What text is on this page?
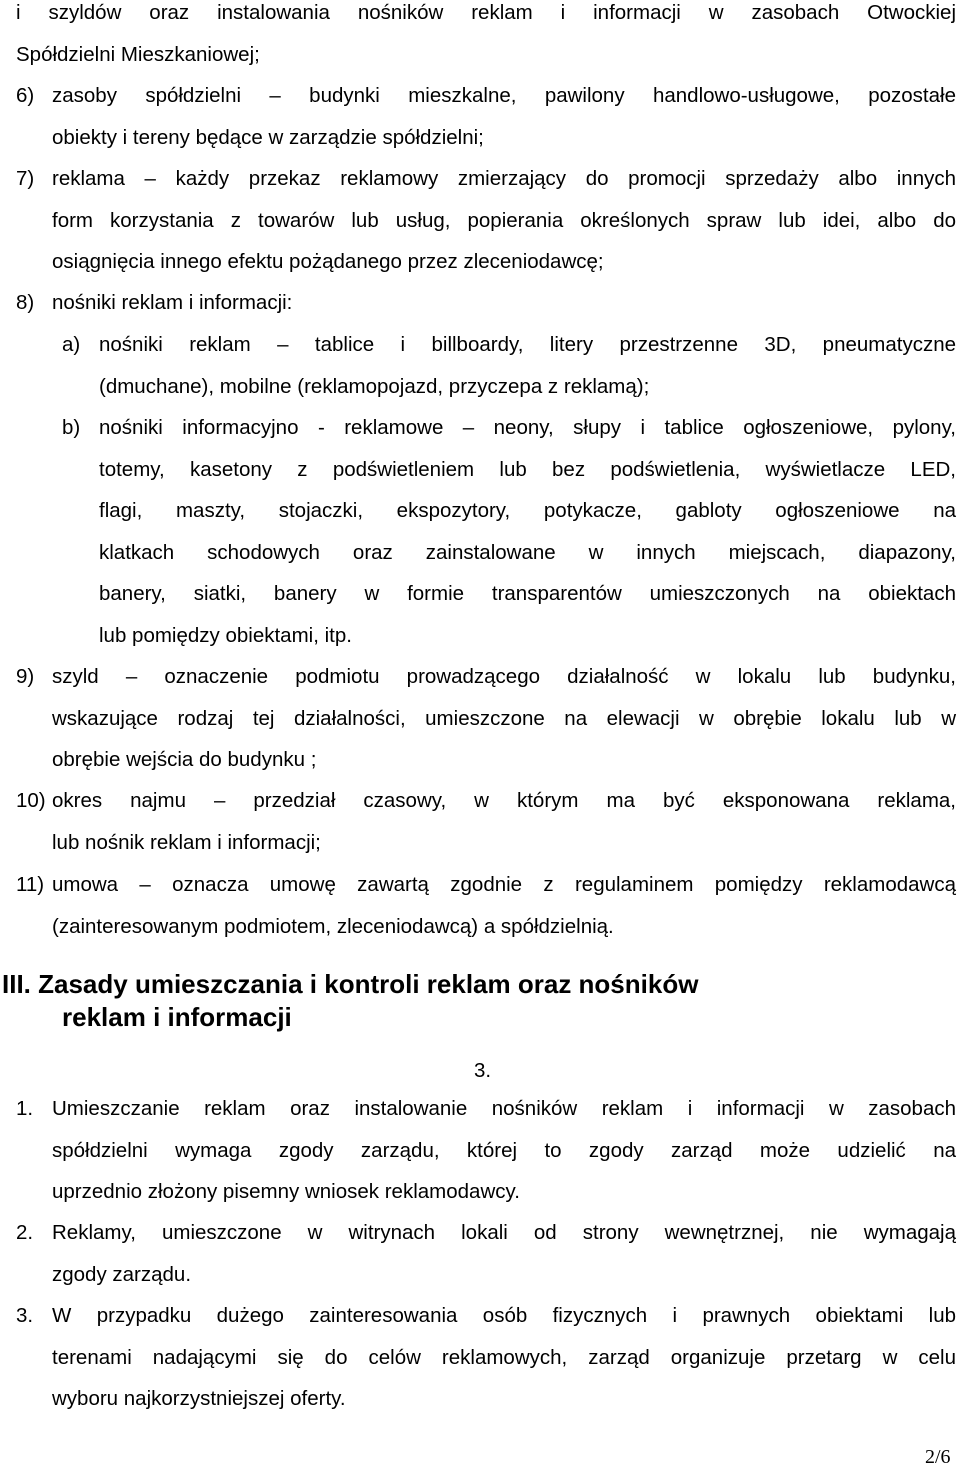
i szyldów oraz instalowania nośników reklam i informacji w zasobach Otwockiej
Spółdzielni Mieszkaniowej;
6) zasoby spółdzielni – budynki mieszkalne, pawilony handlowo-usługowe, pozostałe
obiekty i tereny będące w zarządzie spółdzielni;
7) reklama – każdy przekaz reklamowy zmierzający do promocji sprzedaży albo innych
form korzystania z towarów lub usług, popierania określonych spraw lub idei, albo do
osiągnięcia innego efektu pożądanego przez zleceniodawcę;
8) nośniki reklam i informacji:
a) nośniki reklam – tablice i billboardy, litery przestrzenne 3D, pneumatyczne
(dmuchane), mobilne (reklamopojazd, przyczepa z reklamą);
b) nośniki informacyjno - reklamowe – neony, słupy i tablice ogłoszeniowe, pylony,
totemy, kasetony z podświetleniem lub bez podświetlenia, wyświetlacze LED,
flagi, maszty, stojaczki, ekspozytory, potykacze, gabloty ogłoszeniowe na
klatkach schodowych oraz zainstalowane w innych miejscach, diapazony,
banery, siatki, banery w formie transparentów umieszczonych na obiektach
lub pomiędzy obiektami, itp.
9) szyld – oznaczenie podmiotu prowadzącego działalność w lokalu lub budynku,
wskazujące rodzaj tej działalności, umieszczone na elewacji w obrębie lokalu lub w
obrębie wejścia do budynku ;
10) okres najmu – przedział czasowy, w którym ma być eksponowana reklama,
lub nośnik reklam i informacji;
11) umowa – oznacza umowę zawartą zgodnie z regulaminem pomiędzy reklamodawcą
(zainteresowanym podmiotem, zleceniodawcą) a spółdzielnią.
III. Zasady umieszczania i kontroli reklam oraz nośników
reklam i informacji
3.
1. Umieszczanie reklam oraz instalowanie nośników reklam i informacji w zasobach
spółdzielni wymaga zgody zarządu, której to zgody zarząd może udzielić na
uprzednio złożony pisemny wniosek reklamodawcy.
2. Reklamy, umieszczone w witrynach lokali od strony wewnętrznej, nie wymagają
zgody zarządu.
3. W przypadku dużego zainteresowania osób fizycznych i prawnych obiektami lub
terenami nadającymi się do celów reklamowych, zarząd organizuje przetarg w celu
wyboru najkorzystniejszej oferty.
2/6
